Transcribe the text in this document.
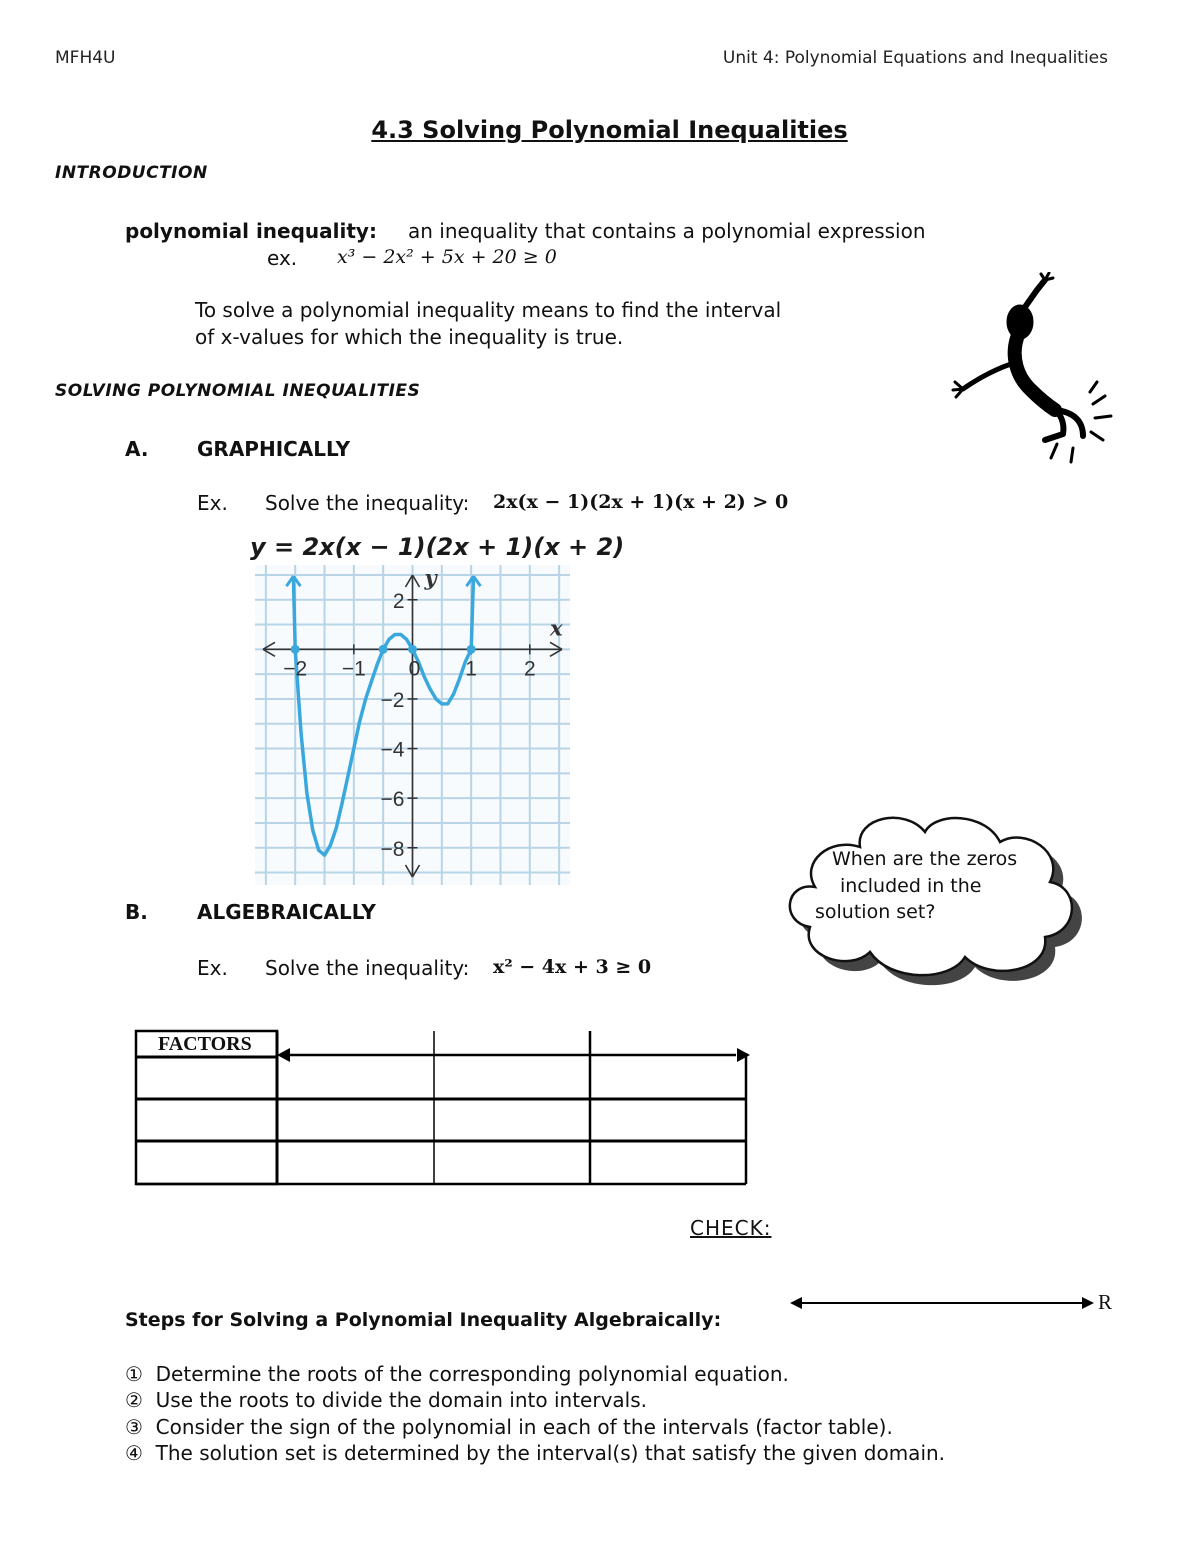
MFH4U	Unit 4: Polynomial Equations and Inequalities
4.3 Solving Polynomial Inequalities
INTRODUCTION
polynomial inequality: an inequality that contains a polynomial expression
ex. x³ − 2x² + 5x + 20 ≥ 0
To solve a polynomial inequality means to find the interval
of x-values for which the inequality is true.
SOLVING POLYNOMIAL INEQUALITIES
A. GRAPHICALLY
Ex. Solve the inequality: 2x(x − 1)(2x + 1)(x + 2) > 0
y = 2x(x − 1)(2x + 1)(x + 2)
−2 −1 0 1 2
2
−2
−4
−6
−8
x
y
B. ALGEBRAICALLY
Ex. Solve the inequality: x² − 4x + 3 ≥ 0
When are the zeros
included in the
solution set?
FACTORS
CHECK:
R
Steps for Solving a Polynomial Inequality Algebraically:
① Determine the roots of the corresponding polynomial equation.
② Use the roots to divide the domain into intervals.
③ Consider the sign of the polynomial in each of the intervals (factor table).
④ The solution set is determined by the interval(s) that satisfy the given domain.
